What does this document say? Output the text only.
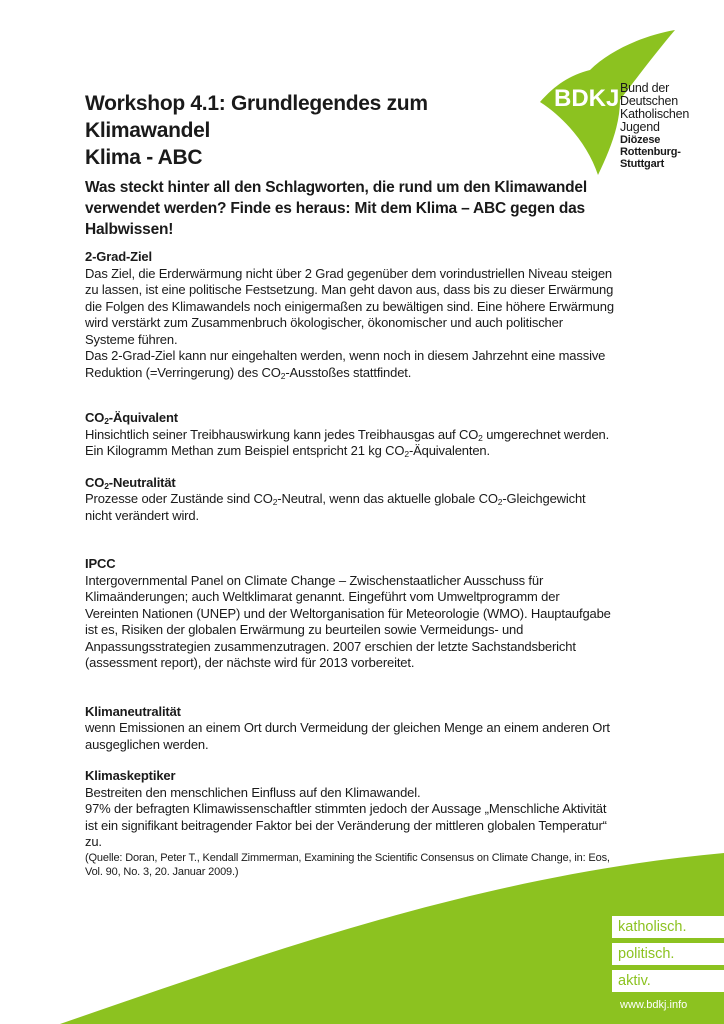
BDKJ Bund der Deutschen
Katholischen Jugend
Diözese
Rottenburg-Stuttgart
Workshop 4.1: Grundlegendes zum Klimawandel
Klima - ABC

Was steckt hinter all den Schlagworten, die rund um den Klimawandel verwendet werden? Finde es heraus: Mit dem Klima – ABC gegen das Halbwissen!

2-Grad-Ziel

Das Ziel, die Erderwärmung nicht über 2 Grad gegenüber dem vorindustriellen Niveau steigen zu lassen, ist eine politische Festsetzung. Man geht davon aus, dass bis zu dieser Erwärmung die Folgen des Klimawandels noch einigermaßen zu bewältigen sind. Eine höhere Erwärmung wird verstärkt zum Zusammenbruch ökologischer, ökonomischer und auch politischer Systeme führen.

Das 2-Grad-Ziel kann nur eingehalten werden, wenn noch in diesem Jahrzehnt eine massive Reduktion (=Verringerung) des $CO_2$-Ausstoßes stattfindet.

$CO_2$-Äquivalent

Hinsichtlich seiner Treibhauswirkung kann jedes Treibhausgas auf $CO_2$ umgerechnet werden. Ein Kilogramm Methan zum Beispiel entspricht 21 kg $CO_2$-Äquivalenten.

$CO_2$-Neutralität

Prozesse oder Zustände sind $CO_2$-Neutral, wenn das aktuelle globale $CO_2$-Gleichgewicht nicht verändert wird.

IPCC

Intergovernmental Panel on Climate Change – Zwischenstaatlicher Ausschuss für Klimaänderungen; auch Weltklimarat genannt. Eingeführt vom Umweltprogramm der Vereinten Nationen (UNEP) und der Weltorganisation für Meteorologie (WMO). Hauptaufgabe ist es, Risiken der globalen Erwärmung zu beurteilen sowie Vermeidungs- und Anpassungsstrategien zusammenzutragen. 2007 erschien der letzte Sachstandsbericht (assessment report), der nächste wird für 2013 vorbereitet.

Klimaneutralität

wenn Emissionen an einem Ort durch Vermeidung der gleichen Menge an einem anderen Ort ausgeglichen werden.

Klimaskeptiker

Bestreiten den menschlichen Einfluss auf den Klimawandel.

97% der befragten Klimawissenschaftler stimmten jedoch der Aussage „Menschliche Aktivität ist ein signifikant beitragender Faktor bei der Veränderung der mittleren globalen Temperatur“ zu.

(Quelle: Doran, Peter T., Kendall Zimmerman, Examining the Scientific Consensus on Climate Change, in: Eos, Vol. 90, No. 3, 20. Januar 2009.)

katholisch.
politisch.
aktiv.
www.bdkj.info
